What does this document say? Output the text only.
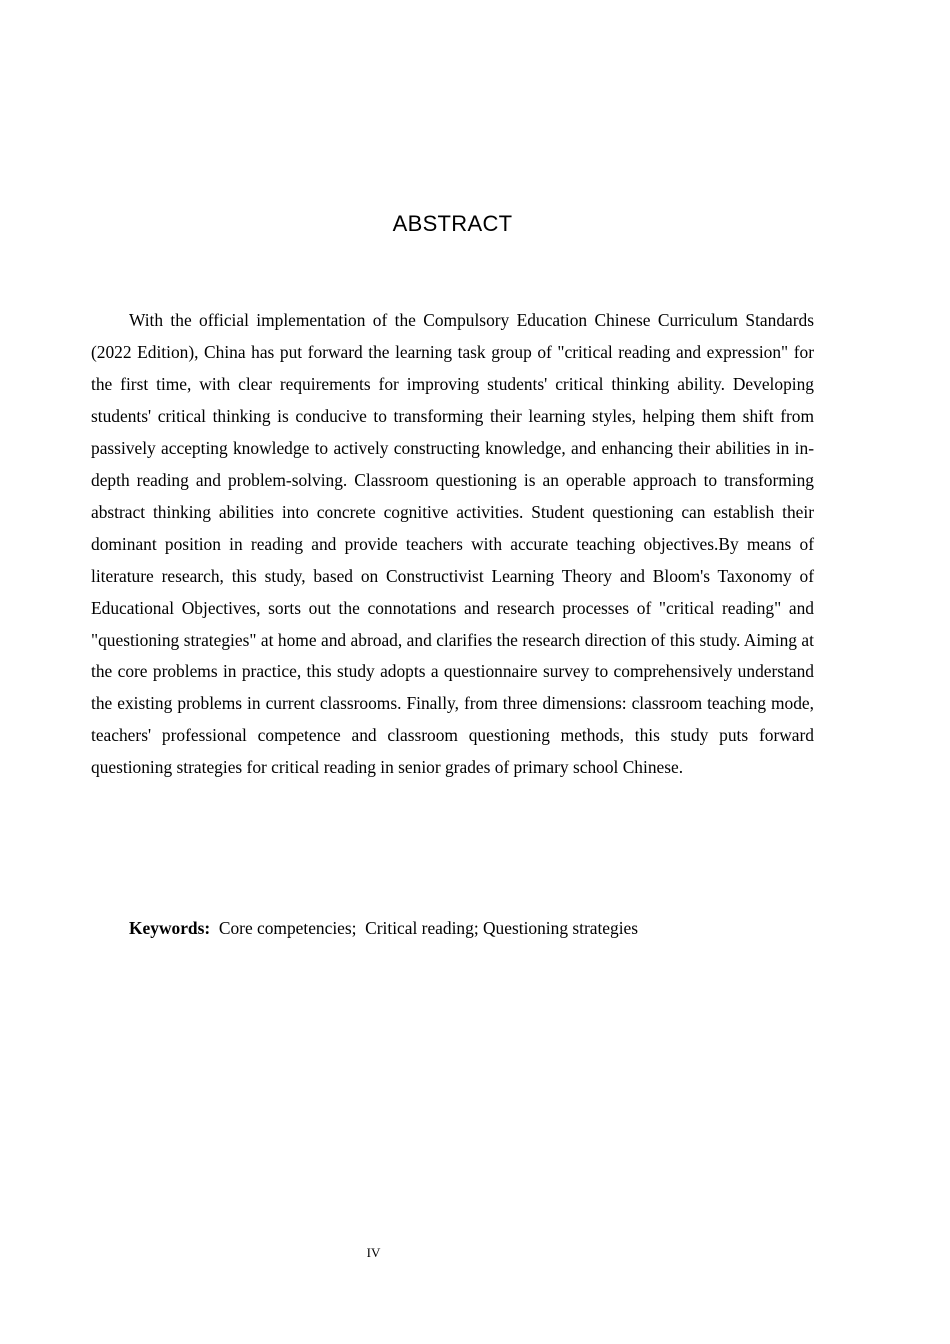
ABSTRACT

With the official implementation of the Compulsory Education Chinese Curriculum Standards (2022 Edition), China has put forward the learning task group of "critical reading and expression" for the first time, with clear requirements for improving students' critical thinking ability. Developing students' critical thinking is conducive to transforming their learning styles, helping them shift from passively accepting knowledge to actively constructing knowledge, and enhancing their abilities in in-depth reading and problem-solving. Classroom questioning is an operable approach to transforming abstract thinking abilities into concrete cognitive activities. Student questioning can establish their dominant position in reading and provide teachers with accurate teaching objectives.By means of literature research, this study, based on Constructivist Learning Theory and Bloom's Taxonomy of Educational Objectives, sorts out the connotations and research processes of "critical reading" and "questioning strategies" at home and abroad, and clarifies the research direction of this study. Aiming at the core problems in practice, this study adopts a questionnaire survey to comprehensively understand the existing problems in current classrooms. Finally, from three dimensions: classroom teaching mode, teachers' professional competence and classroom questioning methods, this study puts forward questioning strategies for critical reading in senior grades of primary school Chinese.

Keywords:  Core competencies;  Critical reading; Questioning strategies
IV
